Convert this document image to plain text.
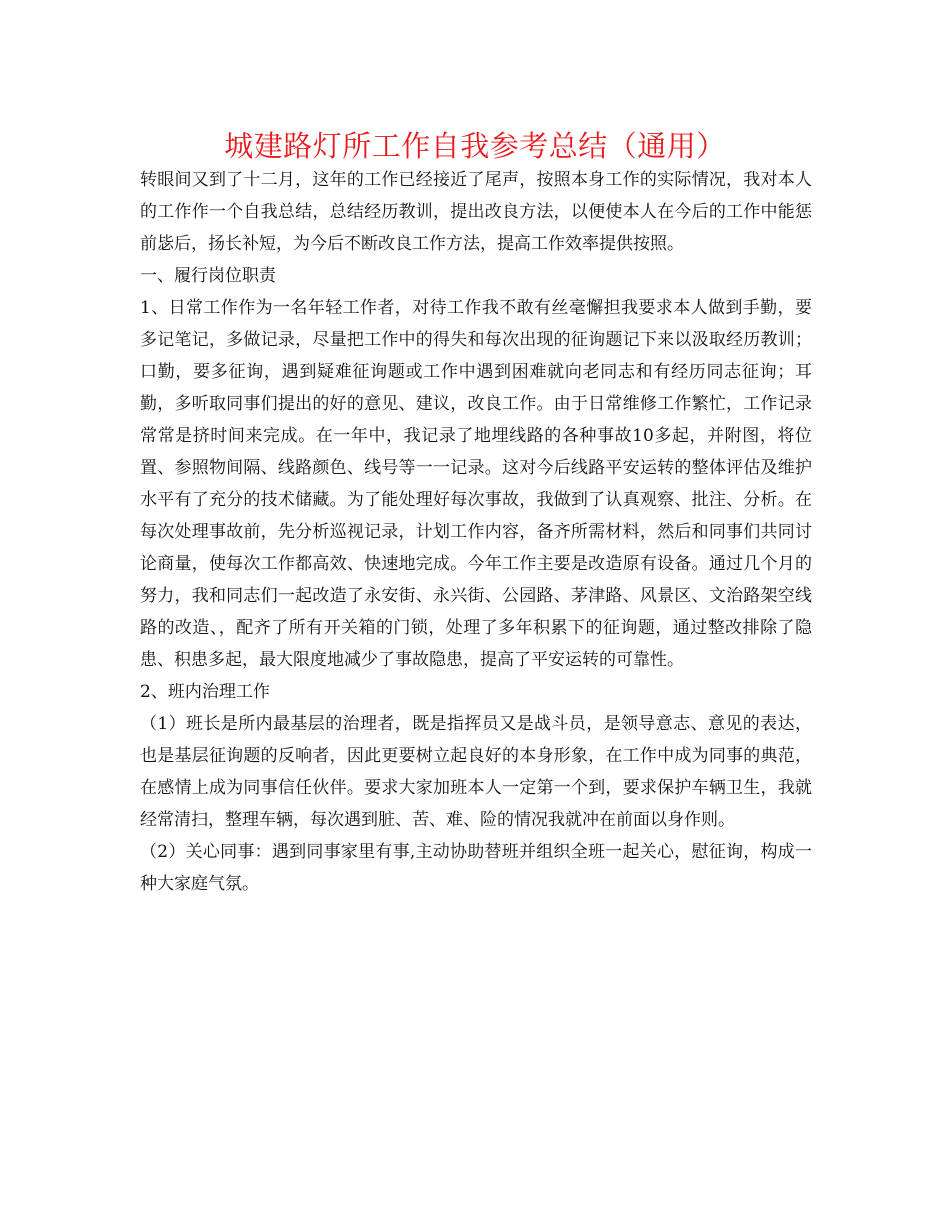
城建路灯所工作自我参考总结（通用）

转眼间又到了十二月，这年的工作已经接近了尾声，按照本身工作的实际情况，我对本人的工作作一个自我总结，总结经历教训，提出改良方法，以便使本人在今后的工作中能惩前毖后，扬长补短，为今后不断改良工作方法，提高工作效率提供按照。

一、履行岗位职责

1、日常工作作为一名年轻工作者，对待工作我不敢有丝毫懈担我要求本人做到手勤，要多记笔记，多做记录，尽量把工作中的得失和每次出现的征询题记下来以汲取经历教训；口勤，要多征询，遇到疑难征询题或工作中遇到困难就向老同志和有经历同志征询；耳勤，多听取同事们提出的好的意见、建议，改良工作。由于日常维修工作繁忙，工作记录常常是挤时间来完成。在一年中，我记录了地埋线路的各种事故10多起，并附图，将位置、参照物间隔、线路颜色、线号等一一记录。这对今后线路平安运转的整体评估及维护水平有了充分的技术储藏。为了能处理好每次事故，我做到了认真观察、批注、分析。在每次处理事故前，先分析巡视记录，计划工作内容，备齐所需材料，然后和同事们共同讨论商量，使每次工作都高效、快速地完成。今年工作主要是改造原有设备。通过几个月的努力，我和同志们一起改造了永安街、永兴街、公园路、茅津路、风景区、文治路架空线路的改造、，配齐了所有开关箱的门锁，处理了多年积累下的征询题，通过整改排除了隐患、积患多起，最大限度地减少了事故隐患，提高了平安运转的可靠性。

2、班内治理工作

（1）班长是所内最基层的治理者，既是指挥员又是战斗员，是领导意志、意见的表达，也是基层征询题的反响者，因此更要树立起良好的本身形象，在工作中成为同事的典范，在感情上成为同事信任伙伴。要求大家加班本人一定第一个到，要求保护车辆卫生，我就经常清扫，整理车辆，每次遇到脏、苦、难、险的情况我就冲在前面以身作则。

（2）关心同事：遇到同事家里有事,主动协助替班并组织全班一起关心，慰征询，构成一种大家庭气氛。
